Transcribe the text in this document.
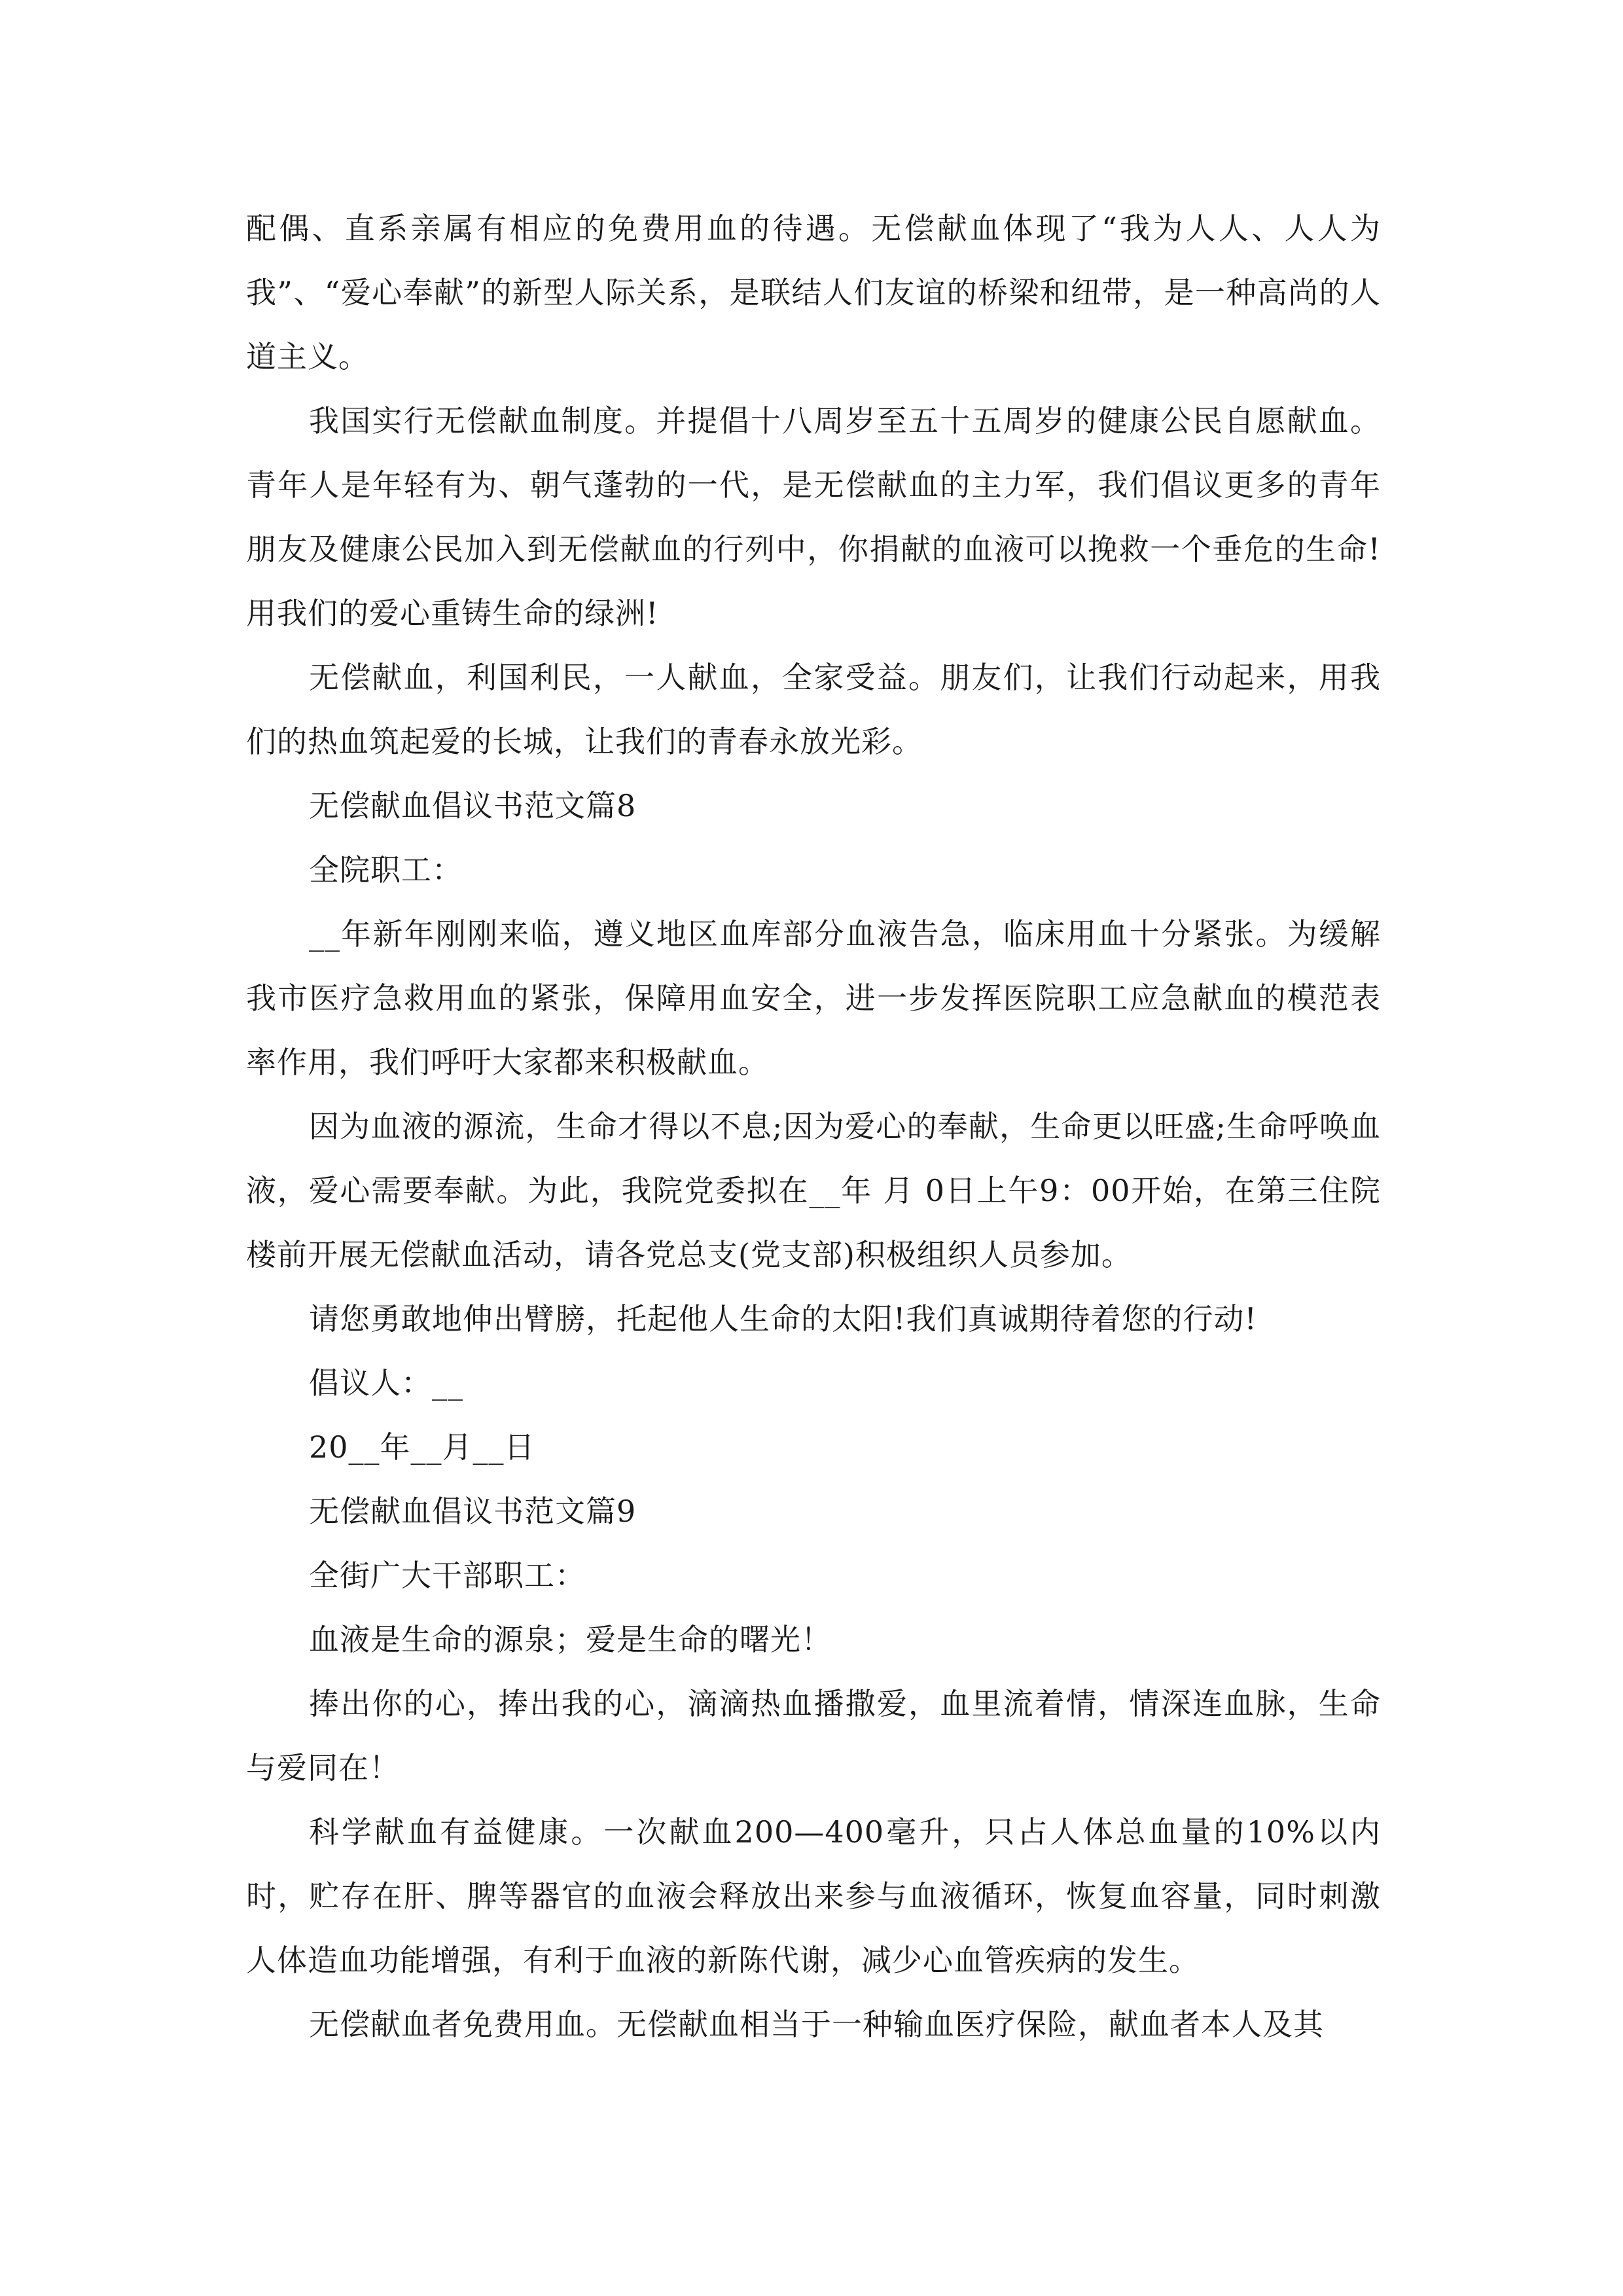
配偶、直系亲属有相应的免费用血的待遇。无偿献血体现了“我为人人、人人为我”、“爱心奉献”的新型人际关系，是联结人们友谊的桥梁和纽带，是一种高尚的人道主义。

我国实行无偿献血制度。并提倡十八周岁至五十五周岁的健康公民自愿献血。青年人是年轻有为、朝气蓬勃的一代，是无偿献血的主力军，我们倡议更多的青年朋友及健康公民加入到无偿献血的行列中，你捐献的血液可以挽救一个垂危的生命!用我们的爱心重铸生命的绿洲!

无偿献血，利国利民，一人献血，全家受益。朋友们，让我们行动起来，用我们的热血筑起爱的长城，让我们的青春永放光彩。

无偿献血倡议书范文篇8

全院职工：

__年新年刚刚来临，遵义地区血库部分血液告急，临床用血十分紧张。为缓解我市医疗急救用血的紧张，保障用血安全，进一步发挥医院职工应急献血的模范表率作用，我们呼吁大家都来积极献血。

因为血液的源流，生命才得以不息;因为爱心的奉献，生命更以旺盛;生命呼唤血液，爱心需要奉献。为此，我院党委拟在__年 月 0日上午9：00开始，在第三住院楼前开展无偿献血活动，请各党总支(党支部)积极组织人员参加。

请您勇敢地伸出臂膀，托起他人生命的太阳!我们真诚期待着您的行动!

倡议人：__

20__年__月__日

无偿献血倡议书范文篇9

全街广大干部职工：

血液是生命的源泉；爱是生命的曙光！

捧出你的心，捧出我的心，滴滴热血播撒爱，血里流着情，情深连血脉，生命与爱同在！

科学献血有益健康。一次献血200—400毫升，只占人体总血量的10%以内时，贮存在肝、脾等器官的血液会释放出来参与血液循环，恢复血容量，同时刺激人体造血功能增强，有利于血液的新陈代谢，减少心血管疾病的发生。

无偿献血者免费用血。无偿献血相当于一种输血医疗保险，献血者本人及其
